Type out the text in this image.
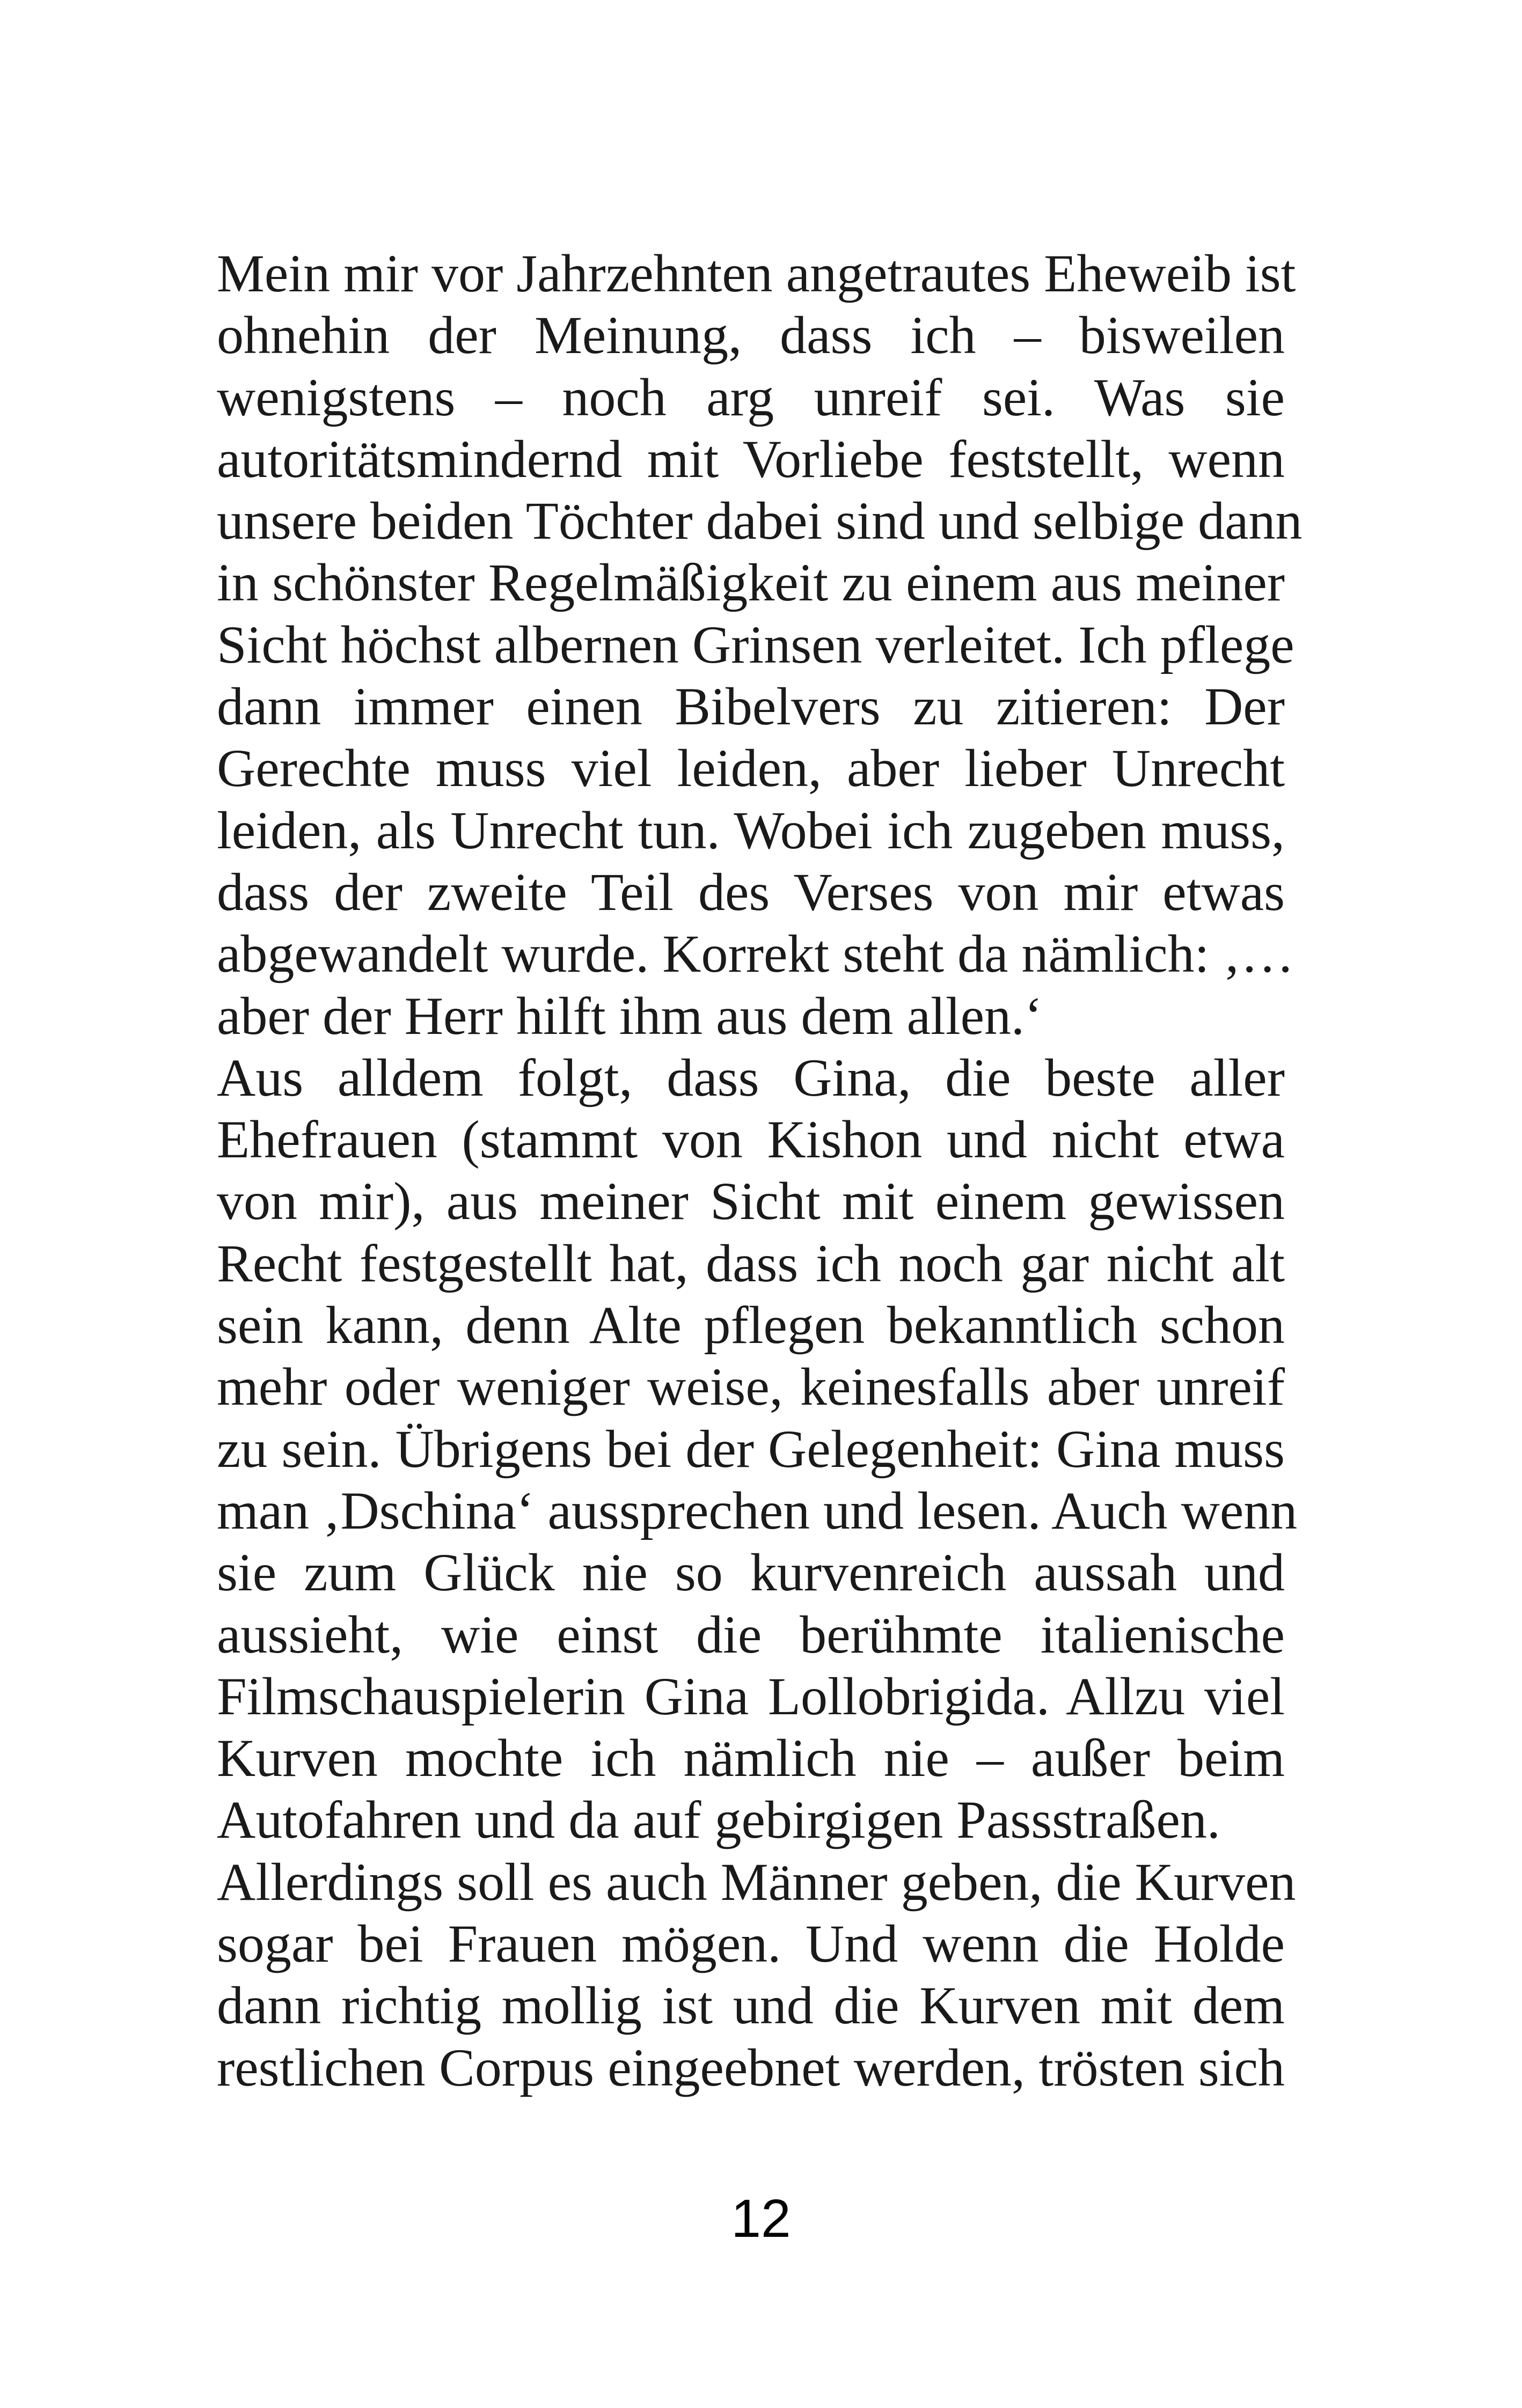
Mein mir vor Jahrzehnten angetrautes Eheweib ist
ohnehin der Meinung, dass ich – bisweilen
wenigstens – noch arg unreif sei. Was sie
autoritätsmindernd mit Vorliebe feststellt, wenn
unsere beiden Töchter dabei sind und selbige dann
in schönster Regelmäßigkeit zu einem aus meiner
Sicht höchst albernen Grinsen verleitet. Ich pflege
dann immer einen Bibelvers zu zitieren: Der
Gerechte muss viel leiden, aber lieber Unrecht
leiden, als Unrecht tun. Wobei ich zugeben muss,
dass der zweite Teil des Verses von mir etwas
abgewandelt wurde. Korrekt steht da nämlich: ‚…
aber der Herr hilft ihm aus dem allen.‘
Aus alldem folgt, dass Gina, die beste aller
Ehefrauen (stammt von Kishon und nicht etwa
von mir), aus meiner Sicht mit einem gewissen
Recht festgestellt hat, dass ich noch gar nicht alt
sein kann, denn Alte pflegen bekanntlich schon
mehr oder weniger weise, keinesfalls aber unreif
zu sein. Übrigens bei der Gelegenheit: Gina muss
man ‚Dschina‘ aussprechen und lesen. Auch wenn
sie zum Glück nie so kurvenreich aussah und
aussieht, wie einst die berühmte italienische
Filmschauspielerin Gina Lollobrigida. Allzu viel
Kurven mochte ich nämlich nie – außer beim
Autofahren und da auf gebirgigen Passstraßen.
Allerdings soll es auch Männer geben, die Kurven
sogar bei Frauen mögen. Und wenn die Holde
dann richtig mollig ist und die Kurven mit dem
restlichen Corpus eingeebnet werden, trösten sich
12
